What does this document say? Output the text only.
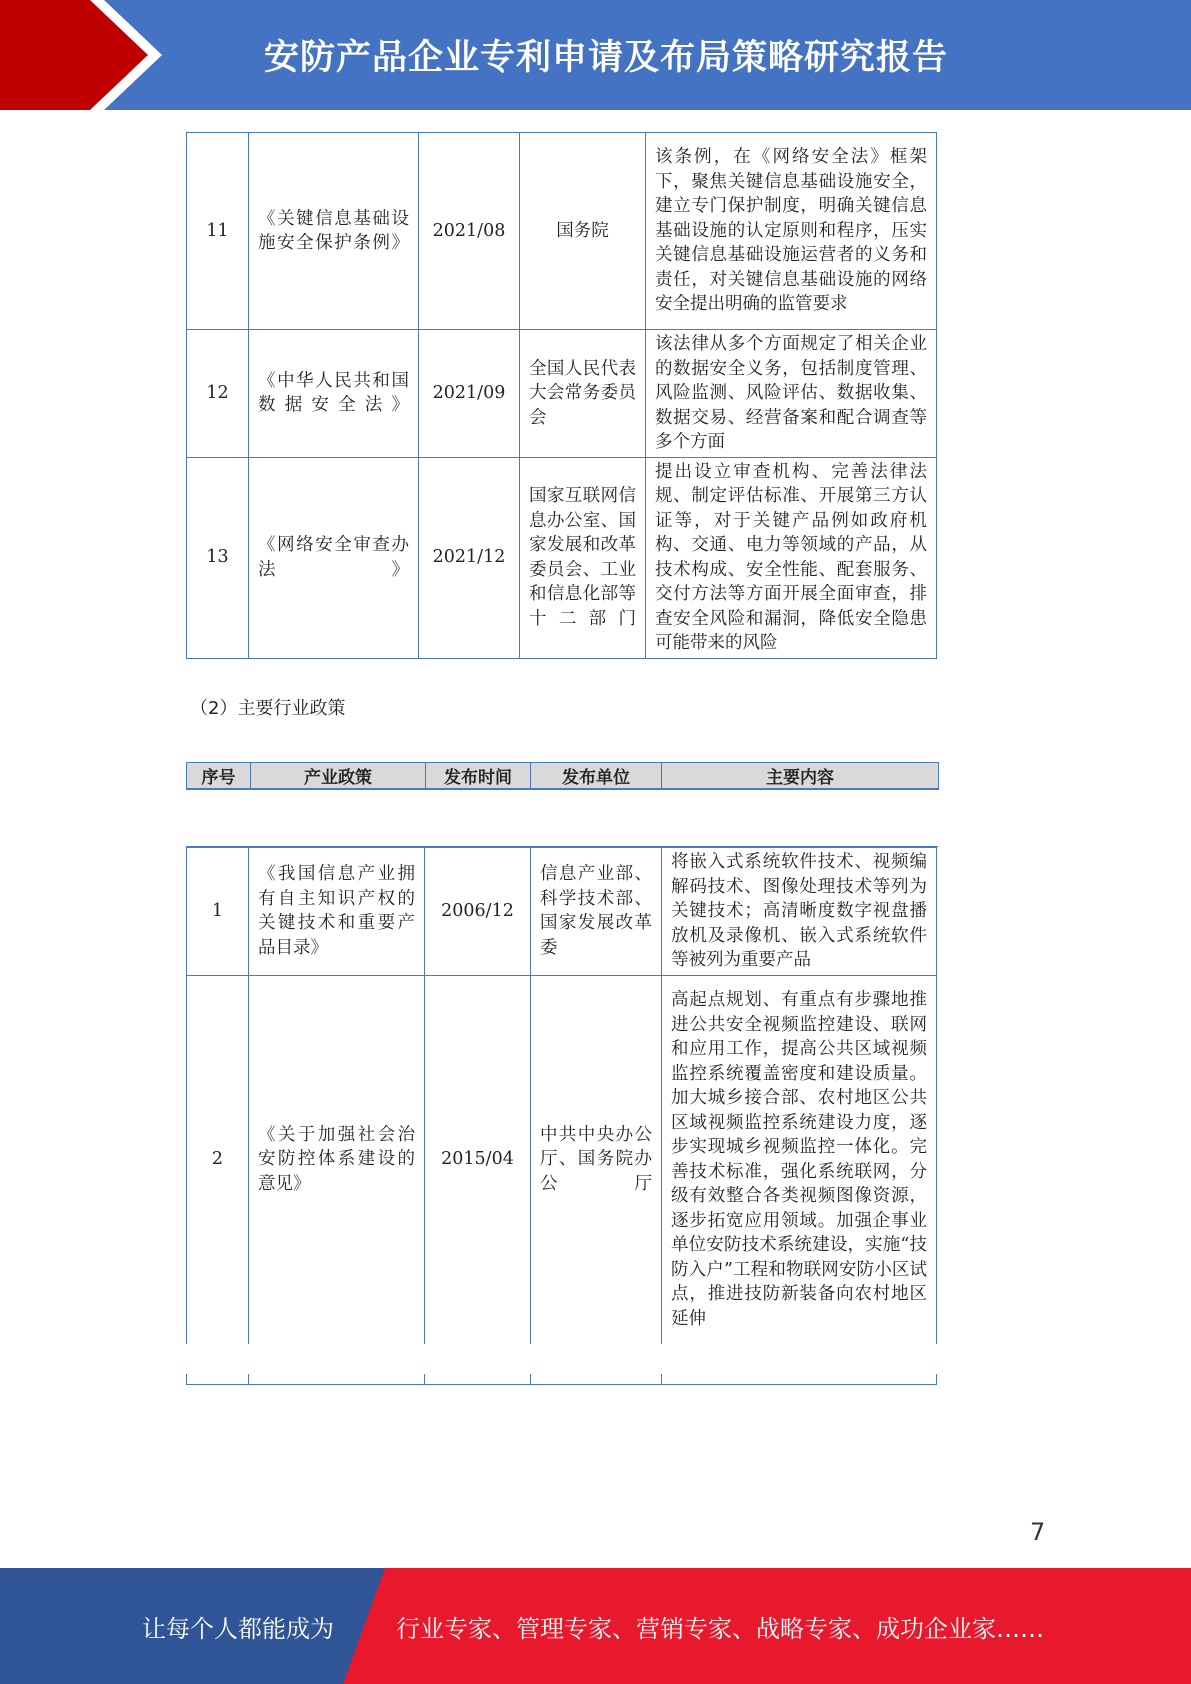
安防产品企业专利申请及布局策略研究报告
11	《关键信息基础设施安全保护条例》	2021/08	国务院	该条例，在《网络安全法》框架下，聚焦关键信息基础设施安全，建立专门保护制度，明确关键信息基础设施的认定原则和程序，压实关键信息基础设施运营者的义务和责任，对关键信息基础设施的网络安全提出明确的监管要求
12	《中华人民共和国数据安全法》	2021/09	全国人民代表大会常务委员会	该法律从多个方面规定了相关企业的数据安全义务，包括制度管理、风险监测、风险评估、数据收集、数据交易、经营备案和配合调查等多个方面
13	《网络安全审查办法》	2021/12	国家互联网信息办公室、国家发展和改革委员会、工业和信息化部等十二部门	提出设立审查机构、完善法律法规、制定评估标准、开展第三方认证等，对于关键产品例如政府机构、交通、电力等领域的产品，从技术构成、安全性能、配套服务、交付方法等方面开展全面审查，排查安全风险和漏洞，降低安全隐患可能带来的风险
（2）主要行业政策
序号	产业政策	发布时间	发布单位	主要内容
1	《我国信息产业拥有自主知识产权的关键技术和重要产品目录》	2006/12	信息产业部、科学技术部、国家发展改革委	将嵌入式系统软件技术、视频编解码技术、图像处理技术等列为关键技术；高清晰度数字视盘播放机及录像机、嵌入式系统软件等被列为重要产品
2	《关于加强社会治安防控体系建设的意见》	2015/04	中共中央办公厅、国务院办公厅	高起点规划、有重点有步骤地推进公共安全视频监控建设、联网和应用工作，提高公共区域视频监控系统覆盖密度和建设质量。加大城乡接合部、农村地区公共区域视频监控系统建设力度，逐步实现城乡视频监控一体化。完善技术标准，强化系统联网，分级有效整合各类视频图像资源，逐步拓宽应用领域。加强企事业单位安防技术系统建设，实施“技防入户”工程和物联网安防小区试点，推进技防新装备向农村地区延伸

7
让每个人都能成为	行业专家、管理专家、营销专家、战略专家、成功企业家……
